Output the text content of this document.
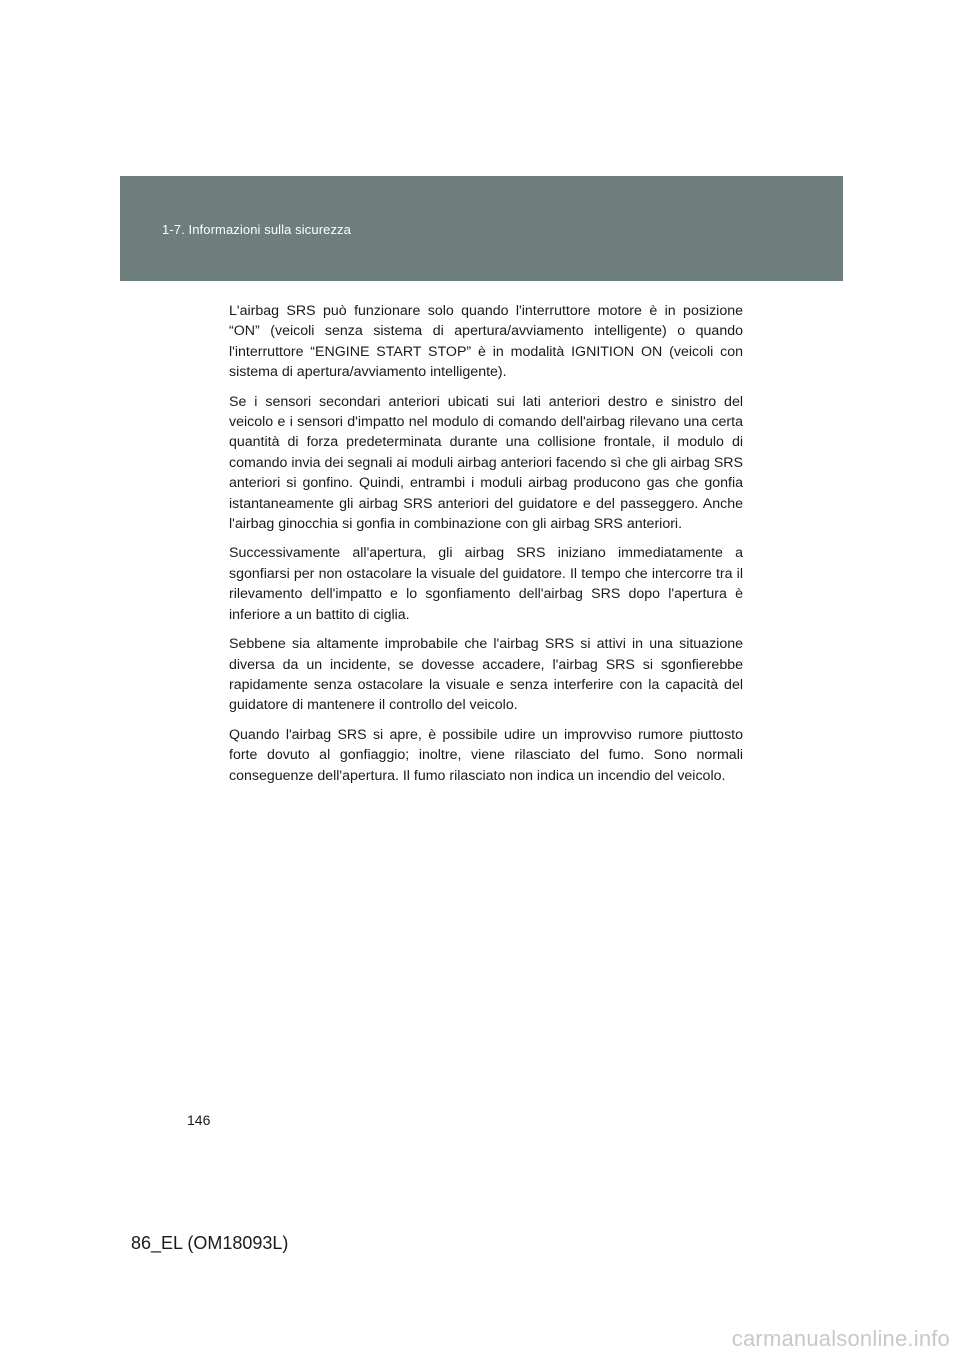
1-7. Informazioni sulla sicurezza

L'airbag SRS può funzionare solo quando l'interruttore motore è in posizione “ON” (veicoli senza sistema di apertura/avviamento intelligente) o quando l'interruttore “ENGINE START STOP” è in modalità IGNITION ON (veicoli con sistema di apertura/avviamento intelligente).

Se i sensori secondari anteriori ubicati sui lati anteriori destro e sinistro del veicolo e i sensori d'impatto nel modulo di comando dell'airbag rilevano una certa quantità di forza predeterminata durante una collisione frontale, il modulo di comando invia dei segnali ai moduli airbag anteriori facendo sì che gli airbag SRS anteriori si gonfino. Quindi, entrambi i moduli airbag producono gas che gonfia istantaneamente gli airbag SRS anteriori del guidatore e del passeggero. Anche l'airbag ginocchia si gonfia in combinazione con gli airbag SRS anteriori.

Successivamente all'apertura, gli airbag SRS iniziano immediatamente a sgonfiarsi per non ostacolare la visuale del guidatore. Il tempo che intercorre tra il rilevamento dell'impatto e lo sgonfiamento dell'airbag SRS dopo l'apertura è inferiore a un battito di ciglia.

Sebbene sia altamente improbabile che l'airbag SRS si attivi in una situazione diversa da un incidente, se dovesse accadere, l'airbag SRS si sgonfierebbe rapidamente senza ostacolare la visuale e senza interferire con la capacità del guidatore di mantenere il controllo del veicolo.

Quando l'airbag SRS si apre, è possibile udire un improvviso rumore piuttosto forte dovuto al gonfiaggio; inoltre, viene rilasciato del fumo. Sono normali conseguenze dell'apertura. Il fumo rilasciato non indica un incendio del veicolo.

146
86_EL (OM18093L)
carmanualsonline.info
